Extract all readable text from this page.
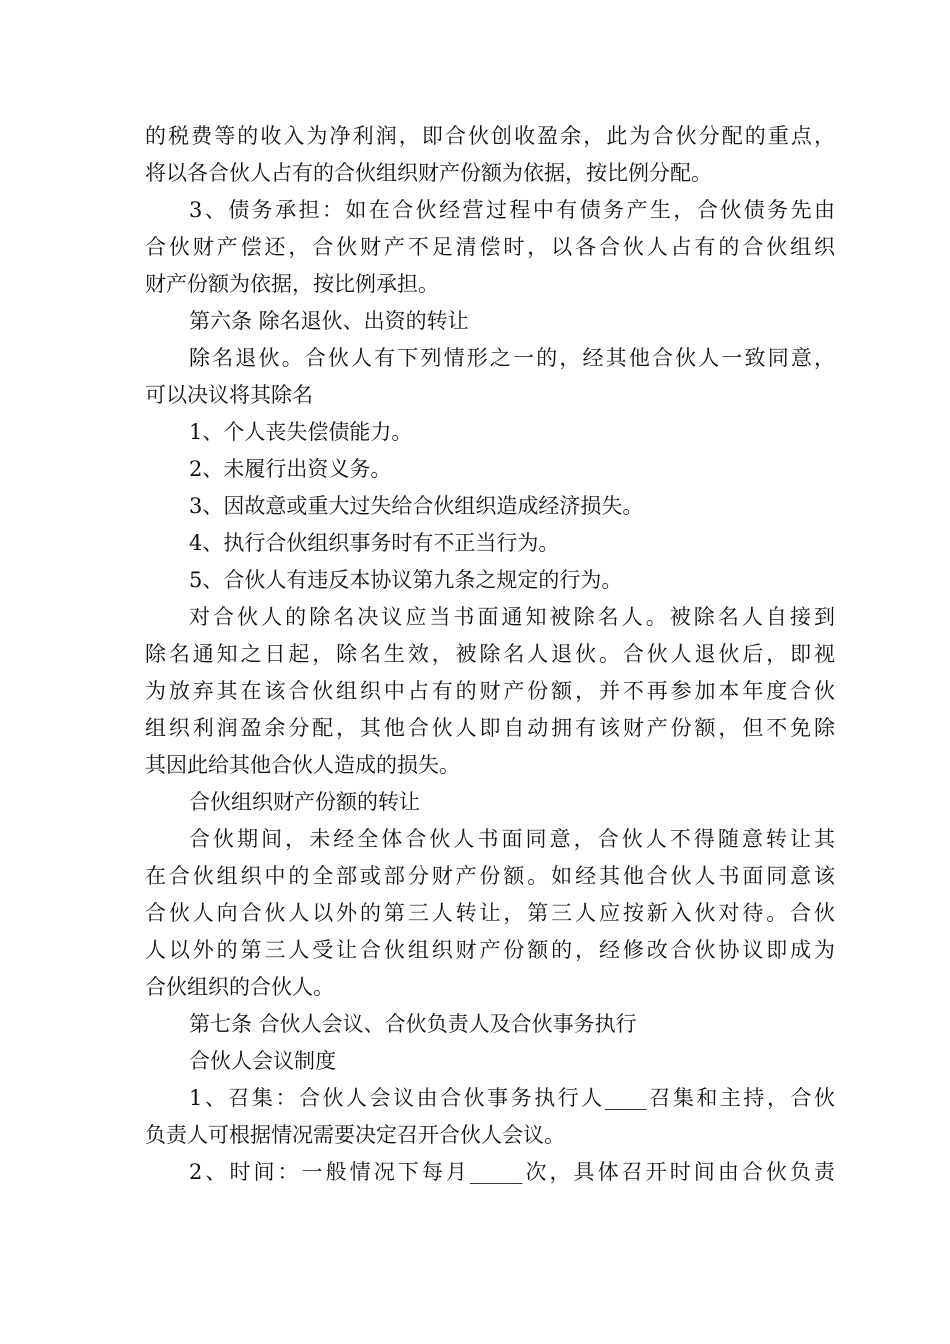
的税费等的收入为净利润，即合伙创收盈余，此为合伙分配的重点，
将以各合伙人占有的合伙组织财产份额为依据，按比例分配。
3、债务承担：如在合伙经营过程中有债务产生，合伙债务先由
合伙财产偿还，合伙财产不足清偿时，以各合伙人占有的合伙组织
财产份额为依据，按比例承担。
第六条 除名退伙、出资的转让
除名退伙。合伙人有下列情形之一的，经其他合伙人一致同意，
可以决议将其除名
1、个人丧失偿债能力。
2、未履行出资义务。
3、因故意或重大过失给合伙组织造成经济损失。
4、执行合伙组织事务时有不正当行为。
5、合伙人有违反本协议第九条之规定的行为。
对合伙人的除名决议应当书面通知被除名人。被除名人自接到
除名通知之日起，除名生效，被除名人退伙。合伙人退伙后，即视
为放弃其在该合伙组织中占有的财产份额，并不再参加本年度合伙
组织利润盈余分配，其他合伙人即自动拥有该财产份额，但不免除
其因此给其他合伙人造成的损失。
合伙组织财产份额的转让
合伙期间，未经全体合伙人书面同意，合伙人不得随意转让其
在合伙组织中的全部或部分财产份额。如经其他合伙人书面同意该
合伙人向合伙人以外的第三人转让，第三人应按新入伙对待。合伙
人以外的第三人受让合伙组织财产份额的，经修改合伙协议即成为
合伙组织的合伙人。
第七条 合伙人会议、合伙负责人及合伙事务执行
合伙人会议制度
1、召集：合伙人会议由合伙事务执行人____召集和主持，合伙
负责人可根据情况需要决定召开合伙人会议。
2、时间：一般情况下每月_____次，具体召开时间由合伙负责
